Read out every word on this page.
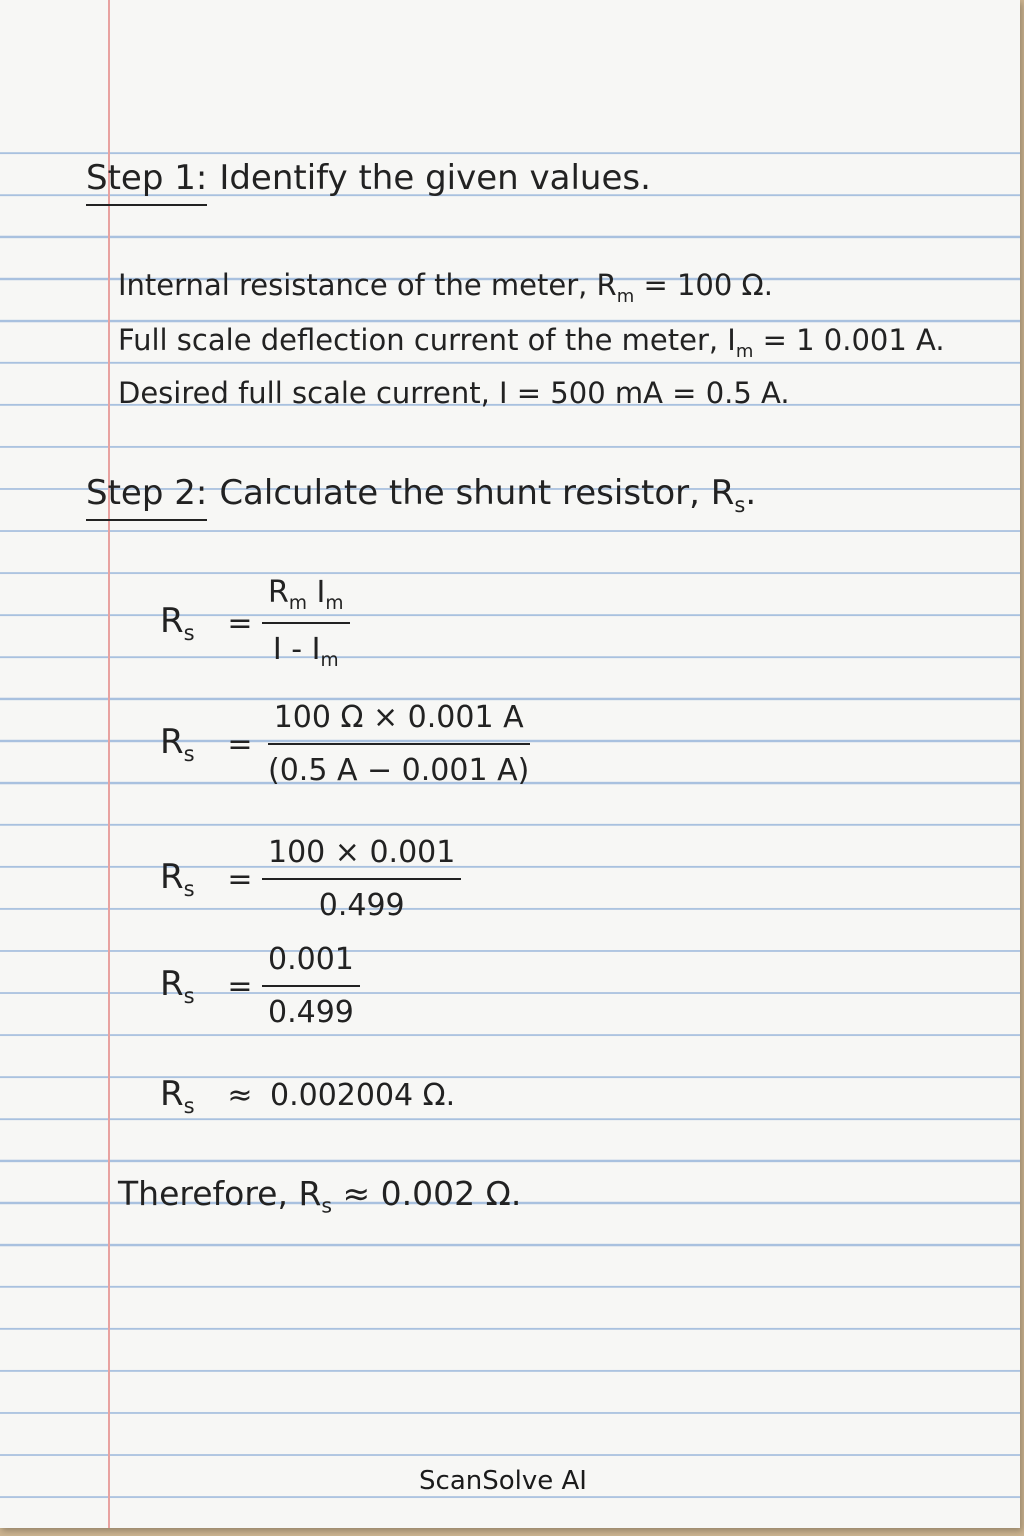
Step 1: Identify the given values.
Internal resistance of the meter, $R_m = 100$ Ω.
Full scale deflection current of the meter, $I_m = 1$ 0.001 A.
Desired full scale current, I = 500 mA = 0.5 A.
Step 2: Calculate the shunt resistor, $R_s$.
$R_s$	= $\frac{R_m I_m}{I - I_m}$
$R_s$	= $\frac{100 \Omega \times 0.001 A}{(0.5 A - 0.001 A)}$
$R_s$	= $\frac{100 \times 0.001}{0.499}$
$R_s$	= $\frac{0.001}{0.499}$
$R_s$	≈ 0.002004 Ω.
Therefore, $R_s \approx 0.002$ Ω.
ScanSolve AI
